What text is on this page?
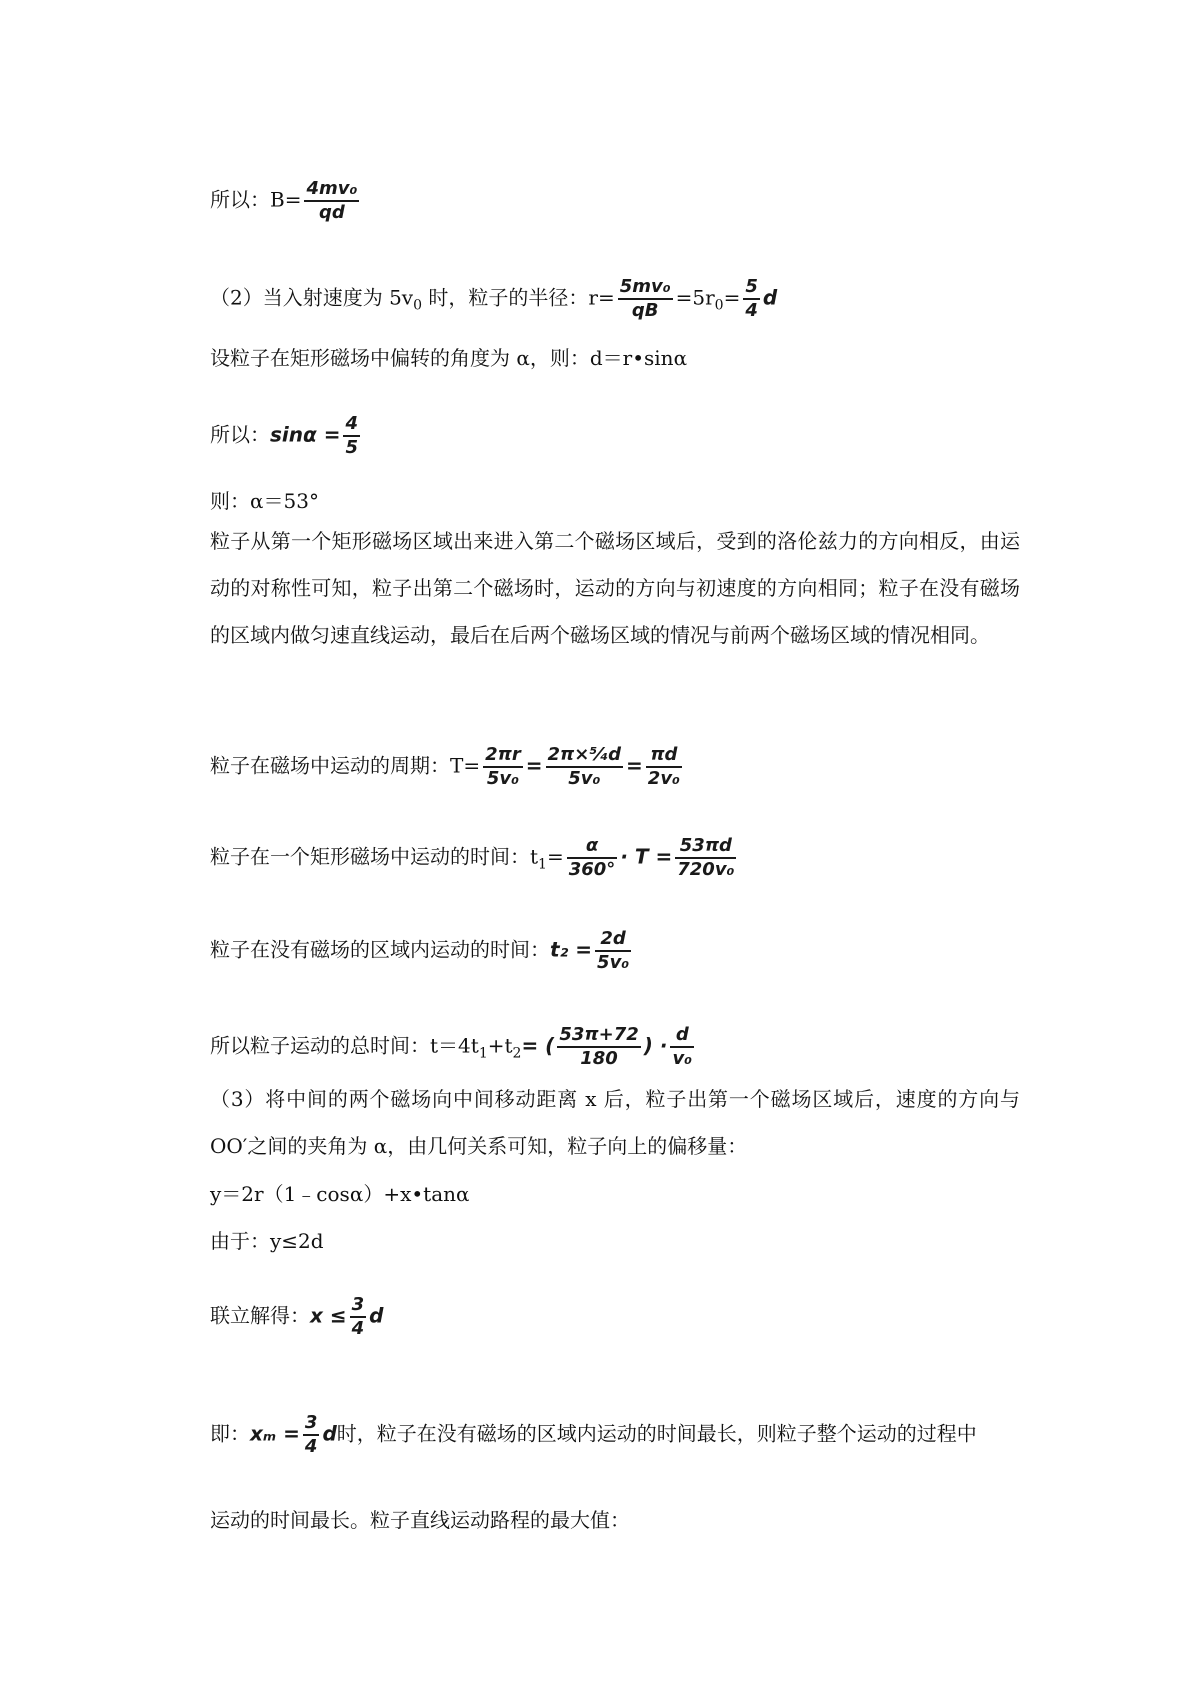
所以：$B= \frac{\text{4mv₀}}{qd}$
（2）当入射速度为 $5v_0$ 时，粒子的半径：$r= \frac{\text{5mv₀}}{qB} =5r_0= \frac{5}{4}$ d
设粒子在矩形磁场中偏转的角度为 α，则：d＝r•sinα
所以：$\sin\alpha = \frac{4}{5}$
则：α＝53°
粒子从第一个矩形磁场区域出来进入第二个磁场区域后，受到的洛伦兹力的方向相反，由运动的对称性可知，粒子出第二个磁场时，运动的方向与初速度的方向相同；粒子在没有磁场的区域内做匀速直线运动，最后在后两个磁场区域的情况与前两个磁场区域的情况相同。
粒子在磁场中运动的周期：$T= \frac{2\pi r}{\text{5v₀}} = \frac{\text{2π×⁵⁄₄d}}{\text{5v₀}} = \frac{\pi d}{\text{2v₀}}$
粒子在一个矩形磁场中运动的时间：$t_1= \frac{\alpha}{360^\circ} \cdot T = \frac{53\pi d}{\text{720v₀}}$
粒子在没有磁场的区域内运动的时间：$t_2 = \frac{2d}{\text{5v₀}}$
所以粒子运动的总时间：$t=4t_1+t_2=$ ( $\frac{53\pi+72}{180}$ ) · $\frac{d}{\text{v₀}}$
（3）将中间的两个磁场向中间移动距离 x 后，粒子出第一个磁场区域后，速度的方向与OO′之间的夹角为 α，由几何关系可知，粒子向上的偏移量：
y＝2r（1﹣cosα）+x•tanα
由于：y≤2d
联立解得：$x \le \frac{3}{4}$ d
即：$x_m = \frac{3}{4}$ d时，粒子在没有磁场的区域内运动的时间最长，则粒子整个运动的过程中
运动的时间最长。粒子直线运动路程的最大值：
